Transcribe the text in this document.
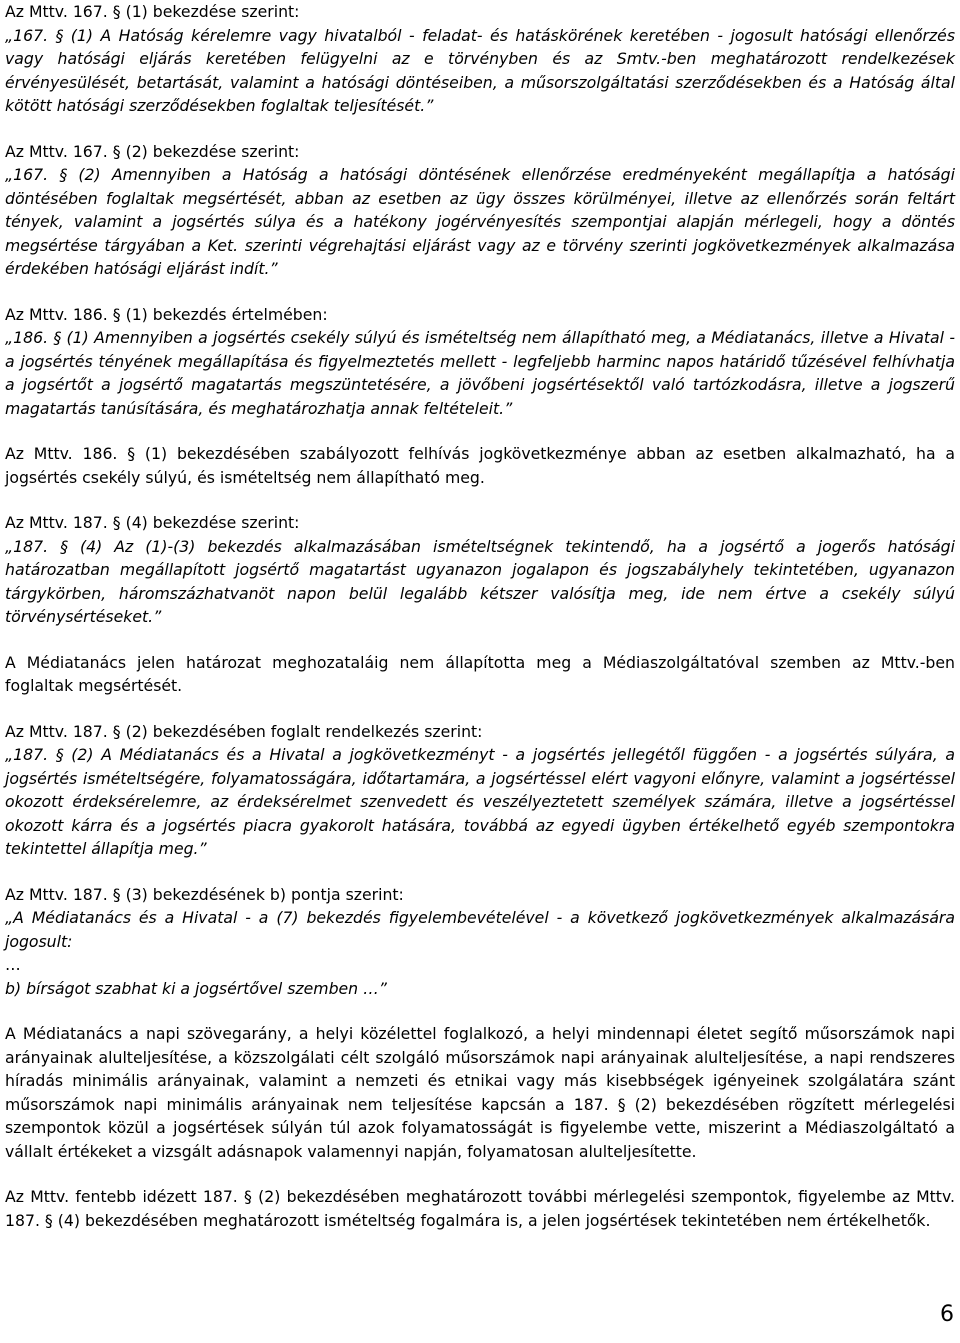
Az Mttv. 167. § (1) bekezdése szerint:

„167. § (1) A Hatóság kérelemre vagy hivatalból - feladat- és hatáskörének keretében - jogosult hatósági ellenőrzés vagy hatósági eljárás keretében felügyelni az e törvényben és az Smtv.-ben meghatározott rendelkezések érvényesülését, betartását, valamint a hatósági döntéseiben, a műsorszolgáltatási szerződésekben és a Hatóság által kötött hatósági szerződésekben foglaltak teljesítését.”

Az Mttv. 167. § (2) bekezdése szerint:

„167. § (2) Amennyiben a Hatóság a hatósági döntésének ellenőrzése eredményeként megállapítja a hatósági döntésében foglaltak megsértését, abban az esetben az ügy összes körülményei, illetve az ellenőrzés során feltárt tények, valamint a jogsértés súlya és a hatékony jogérvényesítés szempontjai alapján mérlegeli, hogy a döntés megsértése tárgyában a Ket. szerinti végrehajtási eljárást vagy az e törvény szerinti jogkövetkezmények alkalmazása érdekében hatósági eljárást indít.”

Az Mttv. 186. § (1) bekezdés értelmében:

„186. § (1) Amennyiben a jogsértés csekély súlyú és ismételtség nem állapítható meg, a Médiatanács, illetve a Hivatal - a jogsértés tényének megállapítása és figyelmeztetés mellett - legfeljebb harminc napos határidő tűzésével felhívhatja a jogsértőt a jogsértő magatartás megszüntetésére, a jövőbeni jogsértésektől való tartózkodásra, illetve a jogszerű magatartás tanúsítására, és meghatározhatja annak feltételeit.”

Az Mttv. 186. § (1) bekezdésében szabályozott felhívás jogkövetkezménye abban az esetben alkalmazható, ha a jogsértés csekély súlyú, és ismételtség nem állapítható meg.

Az Mttv. 187. § (4) bekezdése szerint:

„187. § (4) Az (1)-(3) bekezdés alkalmazásában ismételtségnek tekintendő, ha a jogsértő a jogerős hatósági határozatban megállapított jogsértő magatartást ugyanazon jogalapon és jogszabályhely tekintetében, ugyanazon tárgykörben, háromszázhatvanöt napon belül legalább kétszer valósítja meg, ide nem értve a csekély súlyú törvénysértéseket.”

A Médiatanács jelen határozat meghozataláig nem állapította meg a Médiaszolgáltatóval szemben az Mttv.-ben foglaltak megsértését.

Az Mttv. 187. § (2) bekezdésében foglalt rendelkezés szerint:

„187. § (2) A Médiatanács és a Hivatal a jogkövetkezményt - a jogsértés jellegétől függően - a jogsértés súlyára, a jogsértés ismételtségére, folyamatosságára, időtartamára, a jogsértéssel elért vagyoni előnyre, valamint a jogsértéssel okozott érdeksérelemre, az érdeksérelmet szenvedett és veszélyeztetett személyek számára, illetve a jogsértéssel okozott kárra és a jogsértés piacra gyakorolt hatására, továbbá az egyedi ügyben értékelhető egyéb szempontokra tekintettel állapítja meg.”

Az Mttv. 187. § (3) bekezdésének b) pontja szerint:

„A Médiatanács és a Hivatal - a (7) bekezdés figyelembevételével - a következő jogkövetkezmények alkalmazására jogosult:

…

b) bírságot szabhat ki a jogsértővel szemben …”

A Médiatanács a napi szövegarány, a helyi közélettel foglalkozó, a helyi mindennapi életet segítő műsorszámok napi arányainak alulteljesítése, a közszolgálati célt szolgáló műsorszámok napi arányainak alulteljesítése, a napi rendszeres híradás minimális arányainak, valamint a nemzeti és etnikai vagy más kisebbségek igényeinek szolgálatára szánt műsorszámok napi minimális arányainak nem teljesítése kapcsán a 187. § (2) bekezdésében rögzített mérlegelési szempontok közül a jogsértések súlyán túl azok folyamatosságát is figyelembe vette, miszerint a Médiaszolgáltató a vállalt értékeket a vizsgált adásnapok valamennyi napján, folyamatosan alulteljesítette.

Az Mttv. fentebb idézett 187. § (2) bekezdésében meghatározott további mérlegelési szempontok, figyelembe az Mttv. 187. § (4) bekezdésében meghatározott ismételtség fogalmára is, a jelen jogsértések tekintetében nem értékelhetők.

6
